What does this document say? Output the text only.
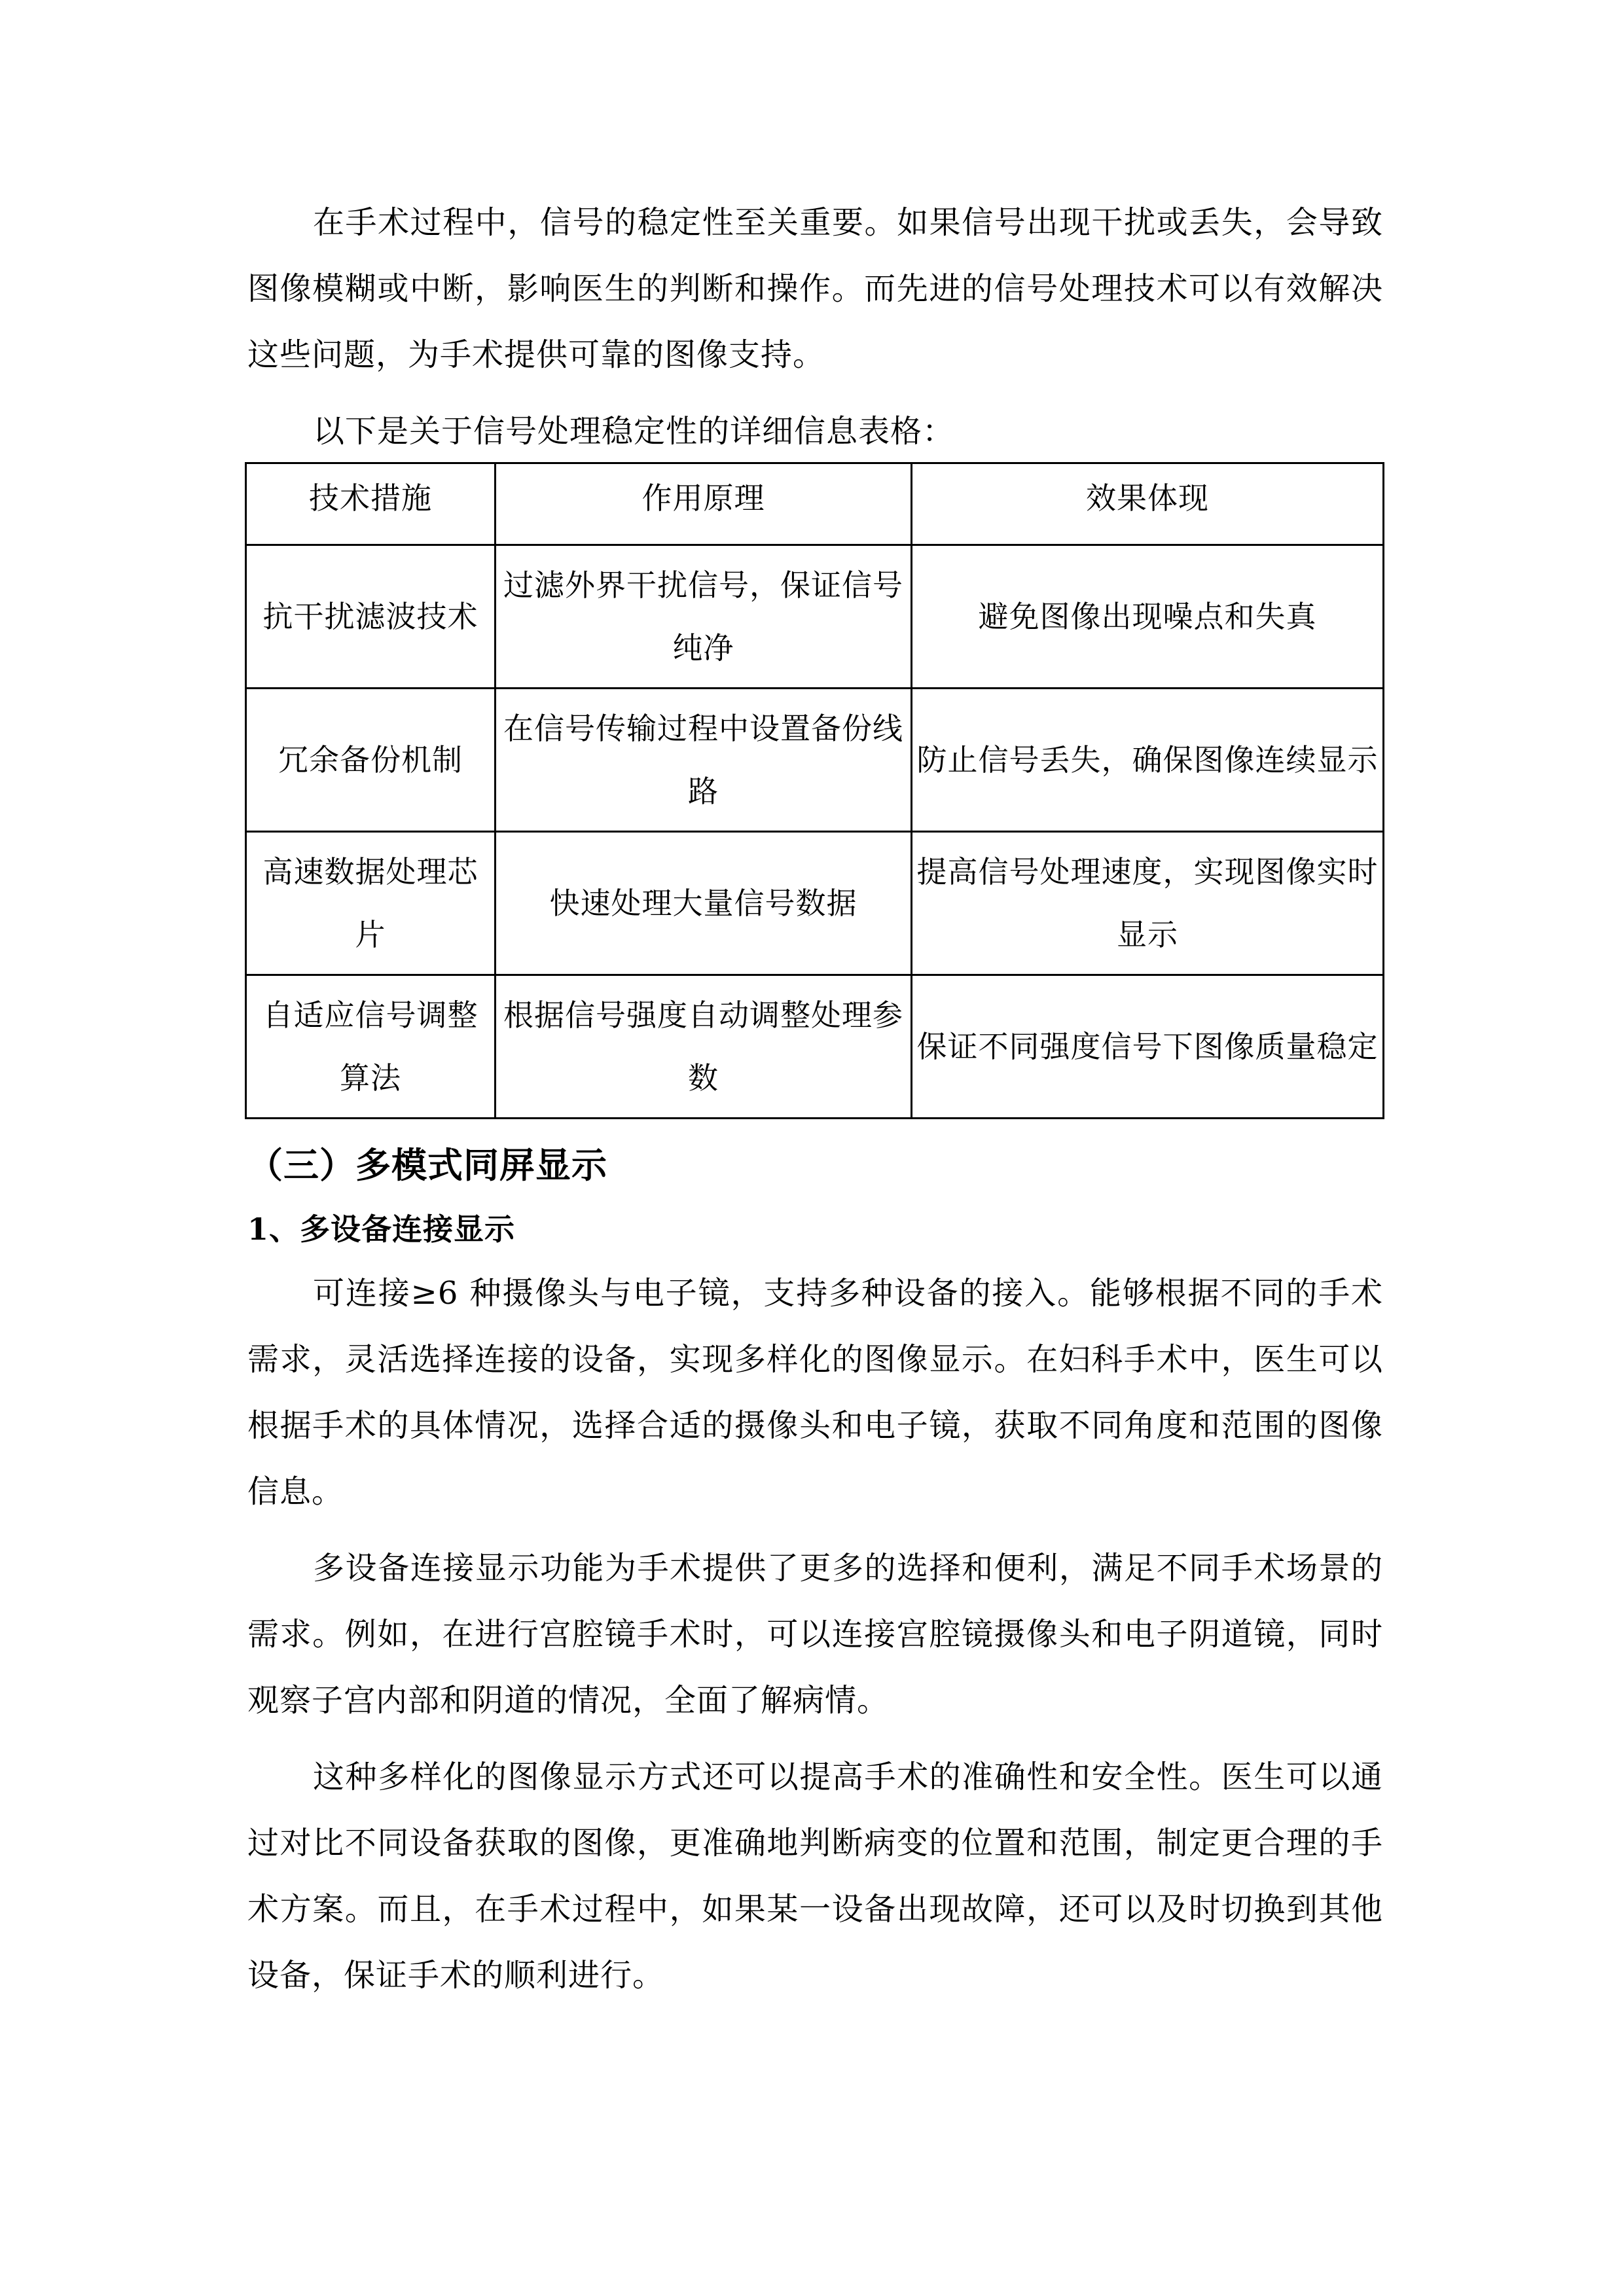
在手术过程中，信号的稳定性至关重要。如果信号出现干扰或丢失，会导致图像模糊或中断，影响医生的判断和操作。而先进的信号处理技术可以有效解决这些问题，为手术提供可靠的图像支持。

以下是关于信号处理稳定性的详细信息表格：

技术措施	作用原理	效果体现
抗干扰滤波技术	过滤外界干扰信号，保证信号纯净	避免图像出现噪点和失真
冗余备份机制	在信号传输过程中设置备份线路	防止信号丢失，确保图像连续显示
高速数据处理芯片	快速处理大量信号数据	提高信号处理速度，实现图像实时显示
自适应信号调整算法	根据信号强度自动调整处理参数	保证不同强度信号下图像质量稳定
（三）多模式同屏显示
1、多设备连接显示

可连接≥6 种摄像头与电子镜，支持多种设备的接入。能够根据不同的手术需求，灵活选择连接的设备，实现多样化的图像显示。在妇科手术中，医生可以根据手术的具体情况，选择合适的摄像头和电子镜，获取不同角度和范围的图像信息。

多设备连接显示功能为手术提供了更多的选择和便利，满足不同手术场景的需求。例如，在进行宫腔镜手术时，可以连接宫腔镜摄像头和电子阴道镜，同时观察子宫内部和阴道的情况，全面了解病情。

这种多样化的图像显示方式还可以提高手术的准确性和安全性。医生可以通过对比不同设备获取的图像，更准确地判断病变的位置和范围，制定更合理的手术方案。而且，在手术过程中，如果某一设备出现故障，还可以及时切换到其他设备，保证手术的顺利进行。
